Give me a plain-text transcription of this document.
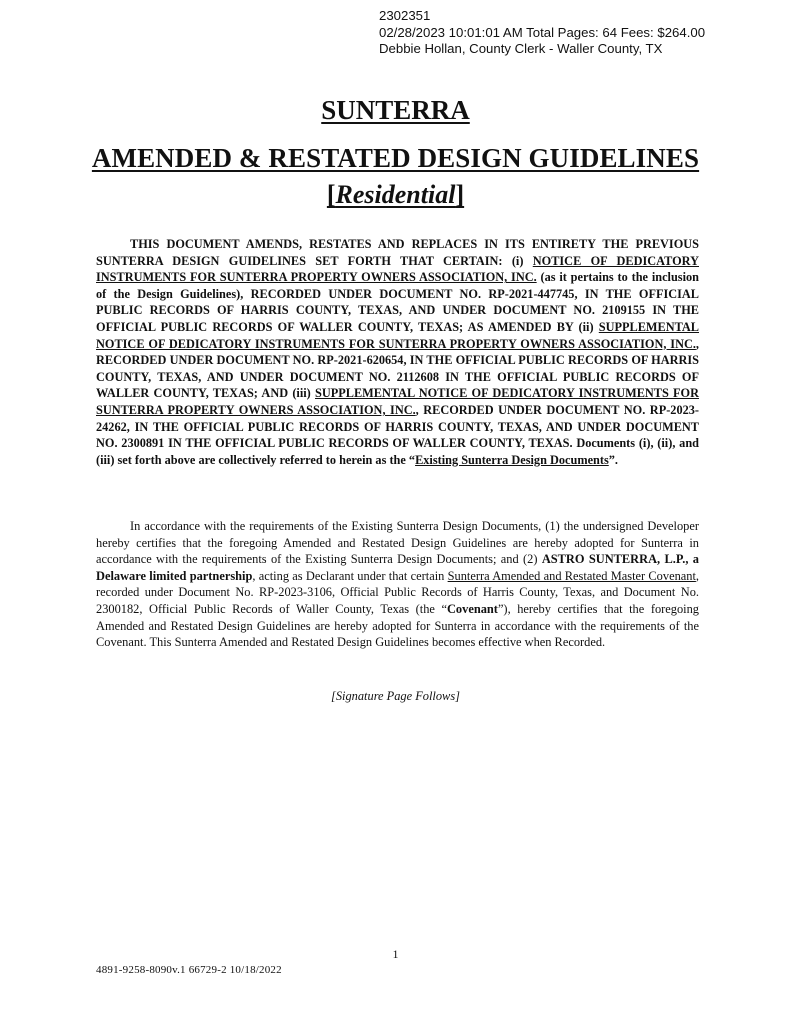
2302351
02/28/2023 10:01:01 AM Total Pages: 64 Fees: $264.00
Debbie Hollan, County Clerk - Waller County, TX
SUNTERRA
AMENDED & RESTATED DESIGN GUIDELINES
[Residential]

THIS DOCUMENT AMENDS, RESTATES AND REPLACES IN ITS ENTIRETY THE PREVIOUS SUNTERRA DESIGN GUIDELINES SET FORTH THAT CERTAIN: (i) NOTICE OF DEDICATORY INSTRUMENTS FOR SUNTERRA PROPERTY OWNERS ASSOCIATION, INC. (as it pertains to the inclusion of the Design Guidelines), RECORDED UNDER DOCUMENT NO. RP-2021-447745, IN THE OFFICIAL PUBLIC RECORDS OF HARRIS COUNTY, TEXAS, AND UNDER DOCUMENT NO. 2109155 IN THE OFFICIAL PUBLIC RECORDS OF WALLER COUNTY, TEXAS; AS AMENDED BY (ii) SUPPLEMENTAL NOTICE OF DEDICATORY INSTRUMENTS FOR SUNTERRA PROPERTY OWNERS ASSOCIATION, INC., RECORDED UNDER DOCUMENT NO. RP-2021-620654, IN THE OFFICIAL PUBLIC RECORDS OF HARRIS COUNTY, TEXAS, AND UNDER DOCUMENT NO. 2112608 IN THE OFFICIAL PUBLIC RECORDS OF WALLER COUNTY, TEXAS; AND (iii) SUPPLEMENTAL NOTICE OF DEDICATORY INSTRUMENTS FOR SUNTERRA PROPERTY OWNERS ASSOCIATION, INC., RECORDED UNDER DOCUMENT NO. RP-2023-24262, IN THE OFFICIAL PUBLIC RECORDS OF HARRIS COUNTY, TEXAS, AND UNDER DOCUMENT NO. 2300891 IN THE OFFICIAL PUBLIC RECORDS OF WALLER COUNTY, TEXAS. Documents (i), (ii), and (iii) set forth above are collectively referred to herein as the “Existing Sunterra Design Documents”.

In accordance with the requirements of the Existing Sunterra Design Documents, (1) the undersigned Developer hereby certifies that the foregoing Amended and Restated Design Guidelines are hereby adopted for Sunterra in accordance with the requirements of the Existing Sunterra Design Documents; and (2) ASTRO SUNTERRA, L.P., a Delaware limited partnership, acting as Declarant under that certain Sunterra Amended and Restated Master Covenant, recorded under Document No. RP-2023-3106, Official Public Records of Harris County, Texas, and Document No. 2300182, Official Public Records of Waller County, Texas (the “Covenant”), hereby certifies that the foregoing Amended and Restated Design Guidelines are hereby adopted for Sunterra in accordance with the requirements of the Covenant. This Sunterra Amended and Restated Design Guidelines becomes effective when Recorded.

[Signature Page Follows]
1
4891-9258-8090v.1 66729-2 10/18/2022
